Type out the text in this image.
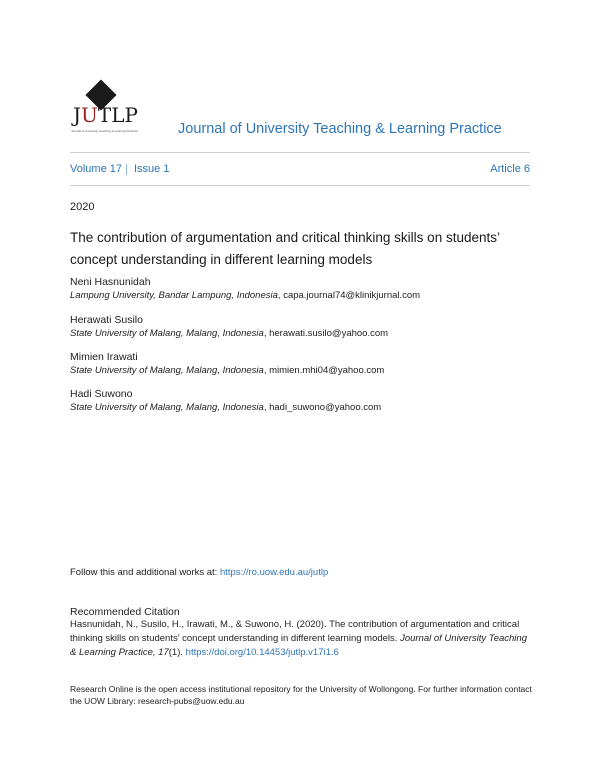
JUTLP
Journal of University Teaching & Learning Practice	Journal of University Teaching & Learning Practice
Volume 17 Issue 1	Article 6
2020
The contribution of argumentation and critical thinking skills on students’ concept understanding in different learning models
Neni Hasnunidah
Lampung University, Bandar Lampung, Indonesia, capa.journal74@klinikjurnal.com
Herawati Susilo
State University of Malang, Malang, Indonesia, herawati.susilo@yahoo.com
Mimien Irawati
State University of Malang, Malang, Indonesia, mimien.mhi04@yahoo.com
Hadi Suwono
State University of Malang, Malang, Indonesia, hadi_suwono@yahoo.com
Follow this and additional works at: https://ro.uow.edu.au/jutlp
Recommended Citation
Hasnunidah, N., Susilo, H., Irawati, M., & Suwono, H. (2020). The contribution of argumentation and critical thinking skills on students’ concept understanding in different learning models. Journal of University Teaching & Learning Practice, 17(1). https://doi.org/10.14453/jutlp.v17i1.6
Research Online is the open access institutional repository for the University of Wollongong. For further information contact the UOW Library: research-pubs@uow.edu.au
